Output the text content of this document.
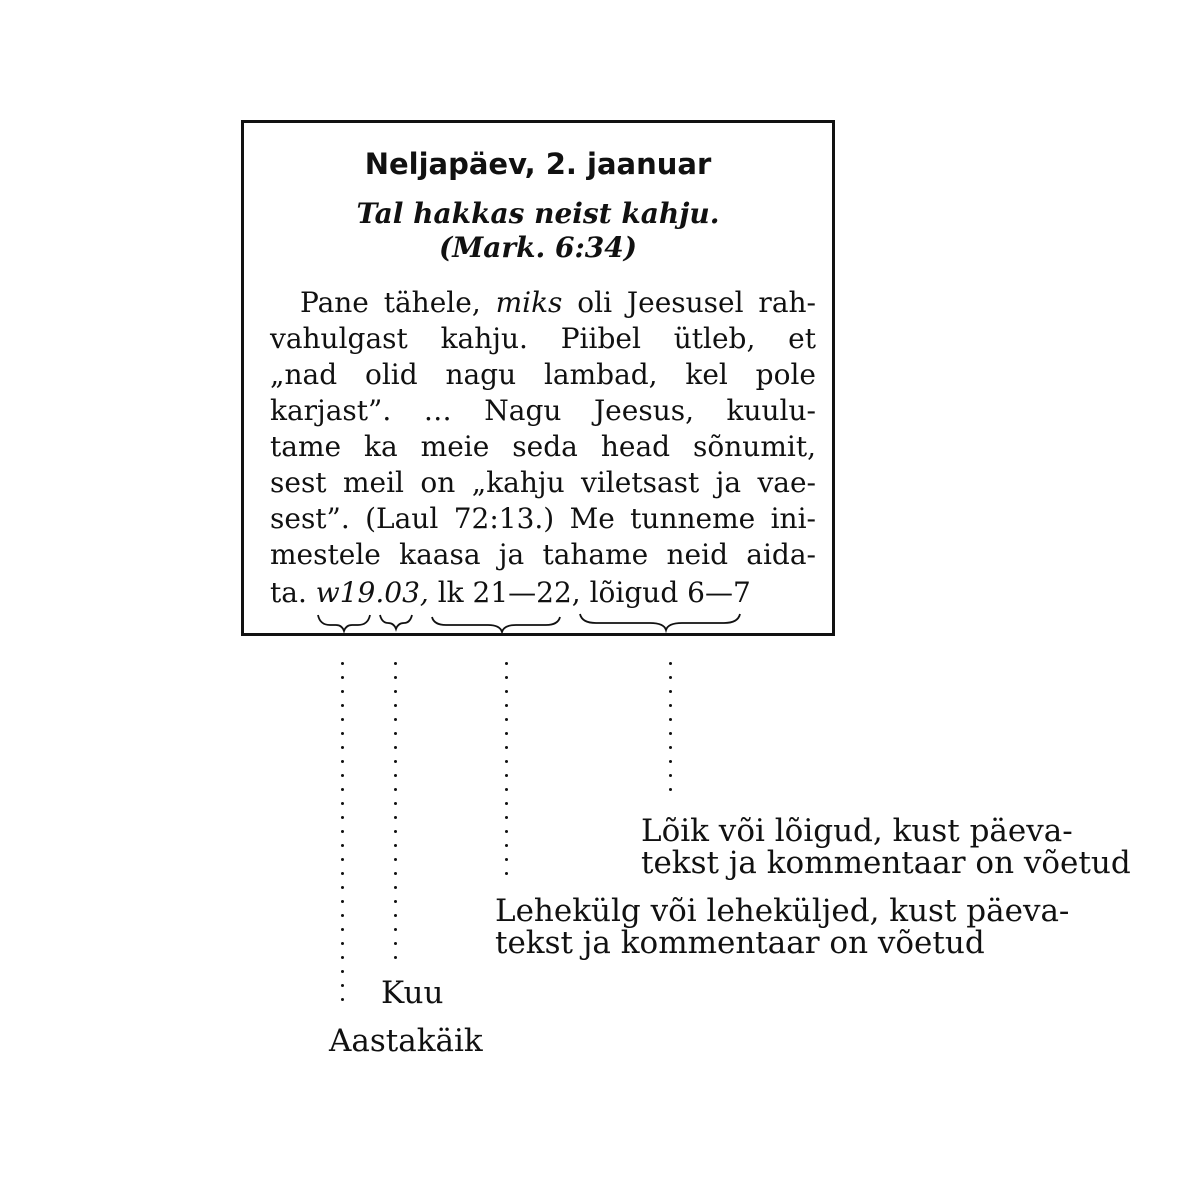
Neljapäev, 2. jaanuar
Tal hakkas neist kahju.
(Mark. 6:34)
Pane tähele, miks oli Jeesusel rah-
vahulgast kahju. Piibel ütleb, et
„nad olid nagu lambad, kel pole
karjast”. … Nagu Jeesus, kuulu-
tame ka meie seda head sõnumit,
sest meil on „kahju viletsast ja vae-
sest”. (Laul 72:13.) Me tunneme ini-
mestele kaasa ja tahame neid aida-
ta. w19.03, lk 21—22, lõigud 6—7
Lõik või lõigud, kust päeva-
tekst ja kommentaar on võetud
Lehekülg või leheküljed, kust päeva-
tekst ja kommentaar on võetud
Kuu
Aastakäik
